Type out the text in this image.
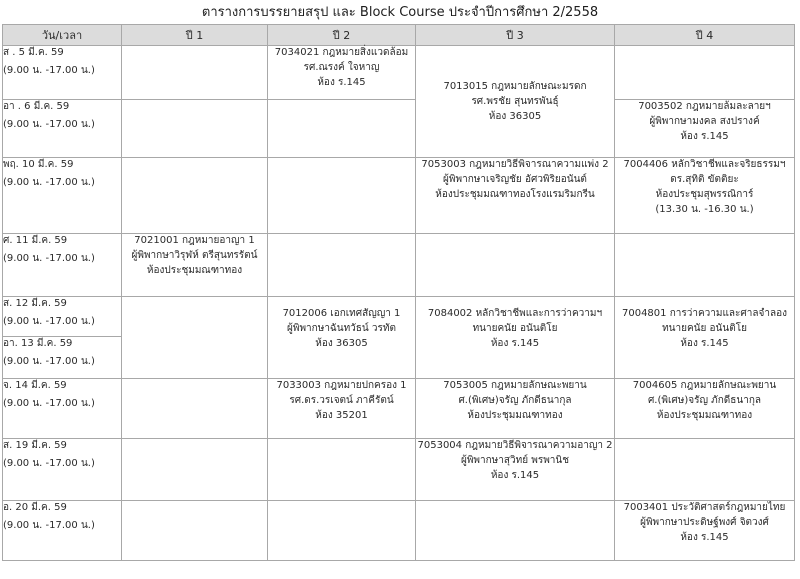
ตารางการบรรยายสรุป และ Block Course ประจำปีการศึกษา 2/2558
วัน/เวลา	ปี 1	ปี 2	ปี 3	ปี 4

ส . 5 มี.ค. 59
(9.00 น. -17.00 น.)		7034021 กฎหมายสิ่งแวดล้อม
รศ.ณรงค์ ใจหาญ
ห้อง ร.145	7013015 กฎหมายลักษณะมรดก
รศ.พรชัย สุนทรพันธุ์
ห้อง 36305	

อา . 6 มี.ค. 59
(9.00 น. -17.00 น.)				7003502 กฎหมายล้มละลายฯ
ผู้พิพากษามงคล สงปรางค์
ห้อง ร.145

พฤ. 10 มี.ค. 59
(9.00 น. -17.00 น.)			7053003 กฎหมายวิธีพิจารณาความแพ่ง 2
ผู้พิพากษาเจริญชัย อัศวพิริยอนันต์
ห้องประชุมมณฑาทองโรงแรมริมกรีน	7004406 หลักวิชาชีพและจริยธรรมฯ
ดร.สุทิติ ขัตติยะ
ห้องประชุมสุพรรณิการ์
(13.30 น. -16.30 น.)

ศ. 11 มี.ค. 59
(9.00 น. -17.00 น.)	7021001 กฎหมายอาญา 1
ผู้พิพากษาวิรุฬห์ ตรีสุนทรรัตน์
ห้องประชุมมณฑาทอง			

ส. 12 มี.ค. 59
(9.00 น. -17.00 น.)		7012006 เอกเทศสัญญา 1
ผู้พิพากษาฉันทวัธน์ วรทัต
ห้อง 36305	7084002 หลักวิชาชีพและการว่าความฯ
ทนายคนัย อนันติโย
ห้อง ร.145	7004801 การว่าความและศาลจำลอง
ทนายคนัย อนันติโย
ห้อง ร.145

อา. 13 มี.ค. 59
(9.00 น. -17.00 น.)				

จ. 14 มี.ค. 59
(9.00 น. -17.00 น.)		7033003 กฎหมายปกครอง 1
รศ.ดร.วรเจตน์ ภาคีรัตน์
ห้อง 35201	7053005 กฎหมายลักษณะพยาน
ศ.(พิเศษ)จรัญ ภักดีธนากุล
ห้องประชุมมณฑาทอง	7004605 กฎหมายลักษณะพยาน
ศ.(พิเศษ)จรัญ ภักดีธนากุล
ห้องประชุมมณฑาทอง

ส. 19 มี.ค. 59
(9.00 น. -17.00 น.)			7053004 กฎหมายวิธีพิจารณาความอาญา 2
ผู้พิพากษาสุวิทย์ พรพานิช
ห้อง ร.145	

อ. 20 มี.ค. 59
(9.00 น. -17.00 น.)				7003401 ประวัติศาสตร์กฎหมายไทย
ผู้พิพากษาประดิษฐ์พงศ์ จิตวงศ์
ห้อง ร.145
